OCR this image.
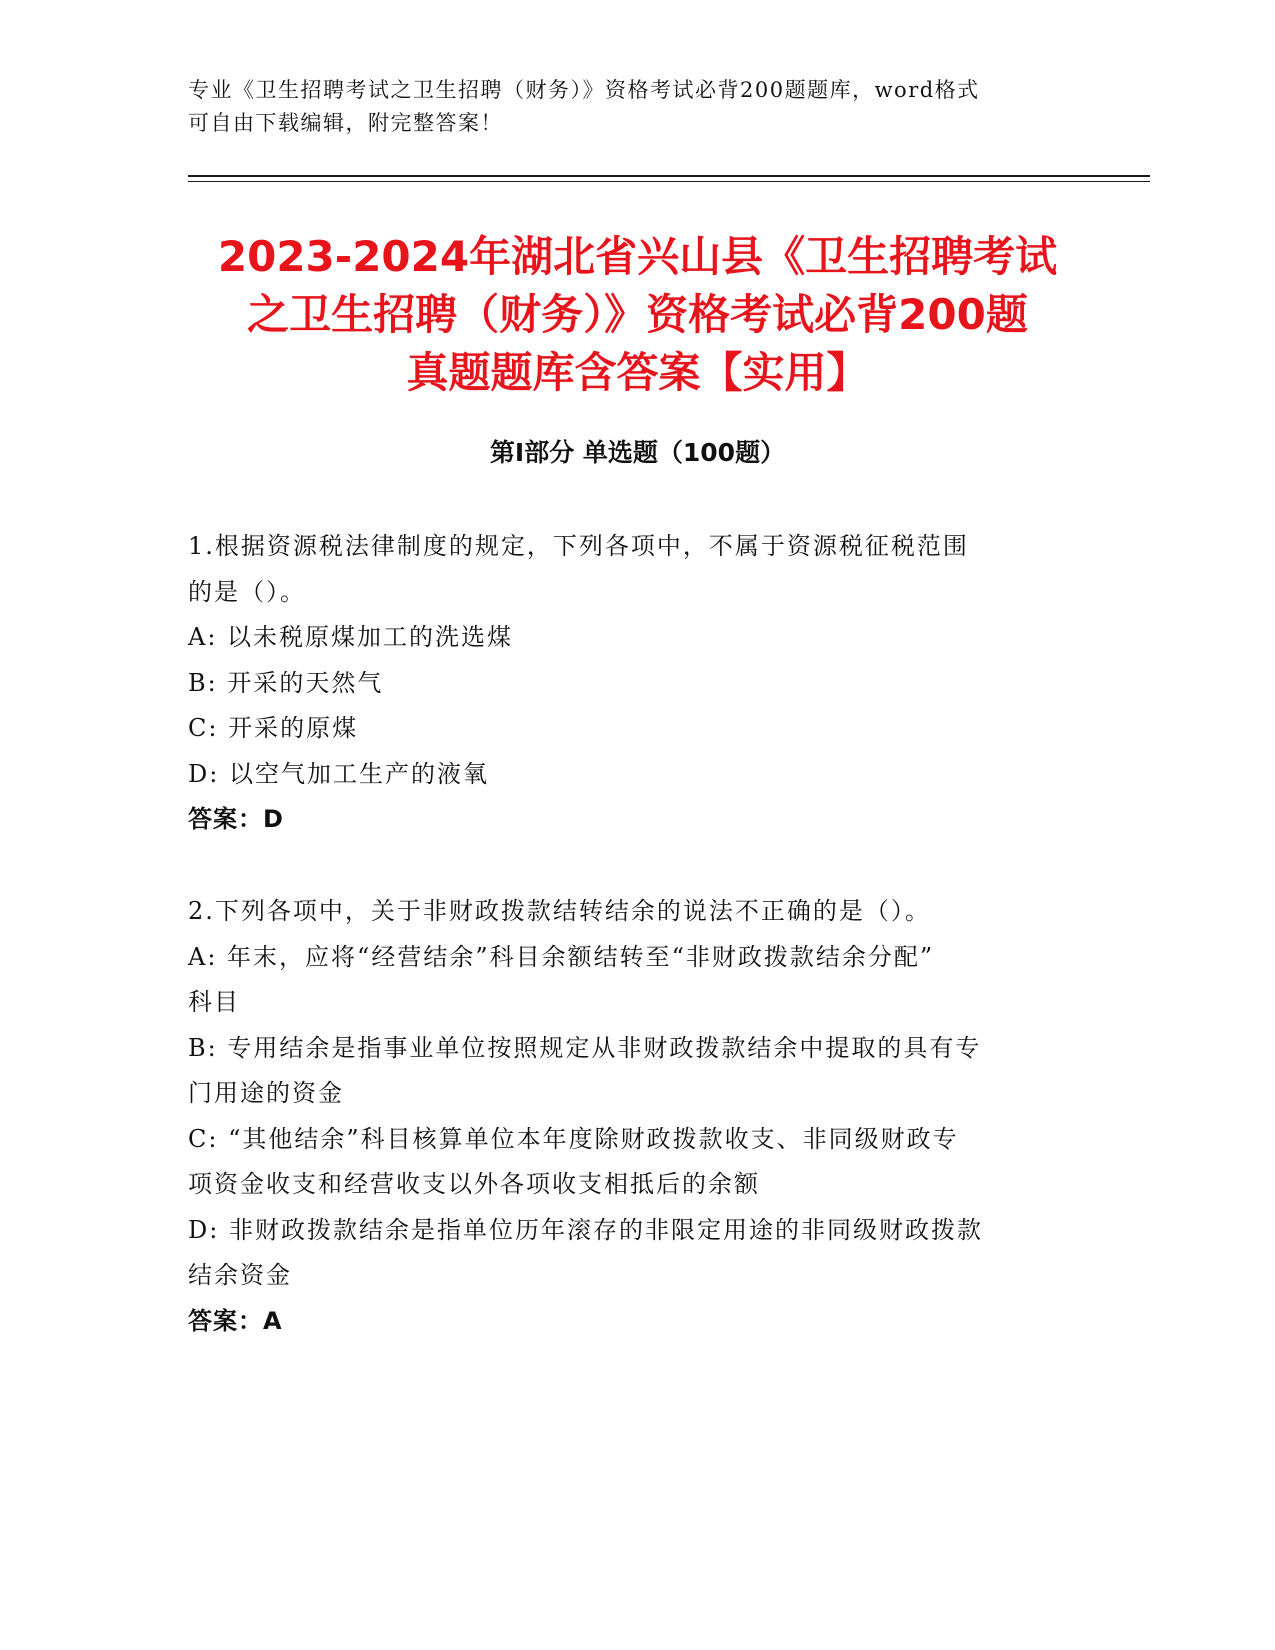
专业《卫生招聘考试之卫生招聘（财务）》资格考试必背200题题库，word格式
可自由下载编辑，附完整答案！
2023-2024年湖北省兴山县《卫生招聘考试
之卫生招聘（财务）》资格考试必背200题
真题题库含答案【实用】
第Ⅰ部分 单选题（100题）
1.根据资源税法律制度的规定，下列各项中，不属于资源税征税范围
的是（）。
A: 以未税原煤加工的洗选煤
B: 开采的天然气
C: 开采的原煤
D: 以空气加工生产的液氧
答案：D
2.下列各项中，关于非财政拨款结转结余的说法不正确的是（）。
A: 年末，应将“经营结余”科目余额结转至“非财政拨款结余分配”
科目
B: 专用结余是指事业单位按照规定从非财政拨款结余中提取的具有专
门用途的资金
C: “其他结余”科目核算单位本年度除财政拨款收支、非同级财政专
项资金收支和经营收支以外各项收支相抵后的余额
D: 非财政拨款结余是指单位历年滚存的非限定用途的非同级财政拨款
结余资金
答案：A
